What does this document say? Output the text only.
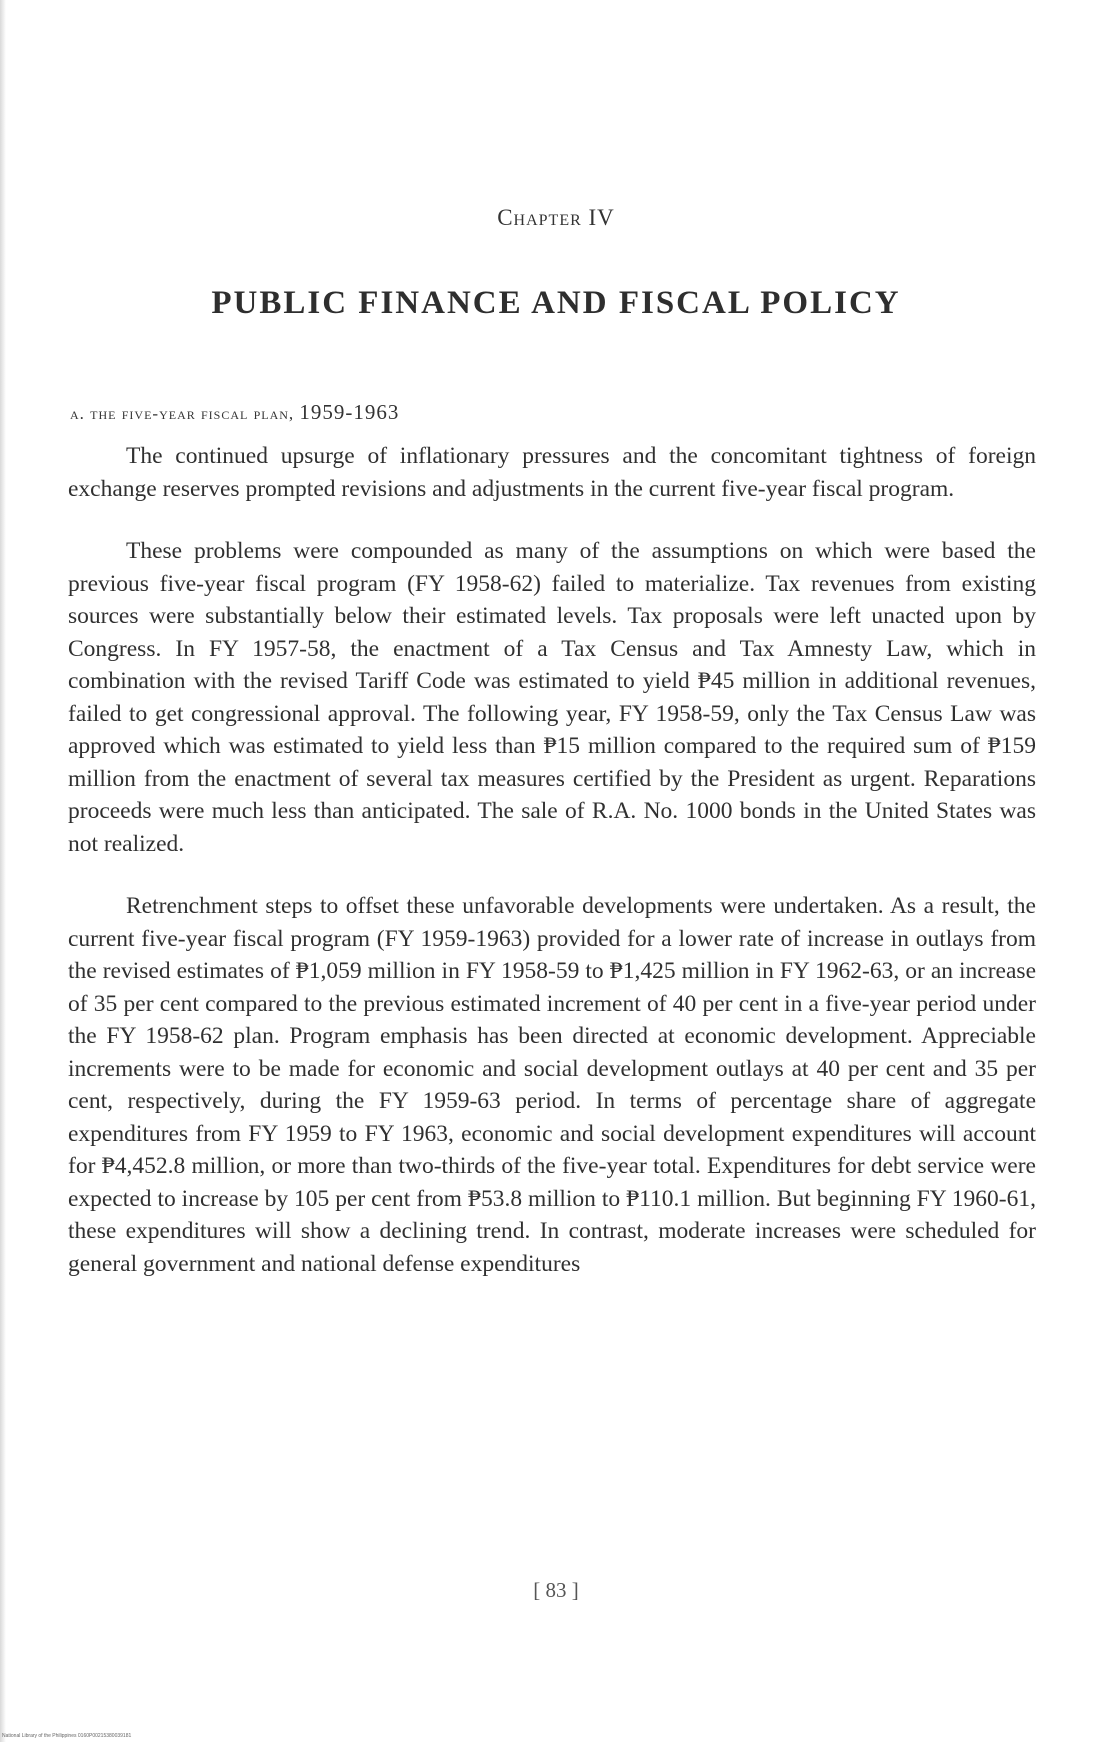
Chapter IV
PUBLIC FINANCE AND FISCAL POLICY
a. the five-year fiscal plan, 1959-1963

The continued upsurge of inflationary pressures and the concomitant tightness of foreign exchange reserves prompted revisions and adjustments in the current five-year fiscal program.

These problems were compounded as many of the assumptions on which were based the previous five-year fiscal program (FY 1958-62) failed to materialize. Tax revenues from existing sources were substantially below their estimated levels. Tax proposals were left unacted upon by Congress. In FY 1957-58, the enactment of a Tax Census and Tax Amnesty Law, which in combination with the revised Tariff Code was estimated to yield ₱45 million in additional revenues, failed to get congressional approval. The following year, FY 1958-59, only the Tax Census Law was approved which was estimated to yield less than ₱15 million compared to the required sum of ₱159 million from the enactment of several tax measures certified by the President as urgent. Reparations proceeds were much less than anticipated. The sale of R.A. No. 1000 bonds in the United States was not realized.

Retrenchment steps to offset these unfavorable developments were undertaken. As a result, the current five-year fiscal program (FY 1959-1963) provided for a lower rate of increase in outlays from the revised estimates of ₱1,059 million in FY 1958-59 to ₱1,425 million in FY 1962-63, or an increase of 35 per cent compared to the previous estimated increment of 40 per cent in a five-year period under the FY 1958-62 plan. Program emphasis has been directed at economic development. Appreciable increments were to be made for economic and social development outlays at 40 per cent and 35 per cent, respectively, during the FY 1959-63 period. In terms of percentage share of aggregate expenditures from FY 1959 to FY 1963, economic and social development expenditures will account for ₱4,452.8 million, or more than two-thirds of the five-year total. Expenditures for debt service were expected to increase by 105 per cent from ₱53.8 million to ₱110.1 million. But beginning FY 1960-61, these expenditures will show a declining trend. In contrast, moderate increases were scheduled for general government and national defense expenditures

[ 83 ]
National Library of the Philippines 0160P00215380039181
